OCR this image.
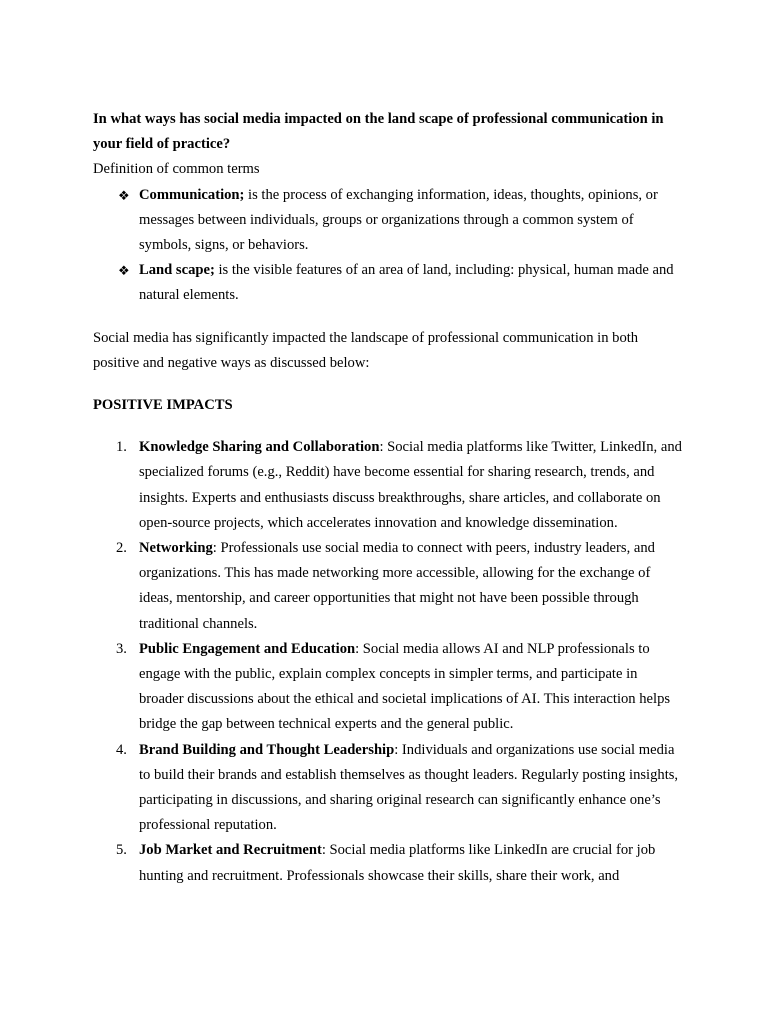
In what ways has social media impacted on the land scape of professional communication in your field of practice?

Definition of common terms

❖ Communication; is the process of exchanging information, ideas, thoughts, opinions, or messages between individuals, groups or organizations through a common system of symbols, signs, or behaviors.
❖ Land scape; is the visible features of an area of land, including: physical, human made and natural elements.

Social media has significantly impacted the landscape of professional communication in both positive and negative ways as discussed below:

POSITIVE IMPACTS

1. Knowledge Sharing and Collaboration: Social media platforms like Twitter, LinkedIn, and specialized forums (e.g., Reddit) have become essential for sharing research, trends, and insights. Experts and enthusiasts discuss breakthroughs, share articles, and collaborate on open-source projects, which accelerates innovation and knowledge dissemination.
2. Networking: Professionals use social media to connect with peers, industry leaders, and organizations. This has made networking more accessible, allowing for the exchange of ideas, mentorship, and career opportunities that might not have been possible through traditional channels.
3. Public Engagement and Education: Social media allows AI and NLP professionals to engage with the public, explain complex concepts in simpler terms, and participate in broader discussions about the ethical and societal implications of AI. This interaction helps bridge the gap between technical experts and the general public.
4. Brand Building and Thought Leadership: Individuals and organizations use social media to build their brands and establish themselves as thought leaders. Regularly posting insights, participating in discussions, and sharing original research can significantly enhance one’s professional reputation.
5. Job Market and Recruitment: Social media platforms like LinkedIn are crucial for job hunting and recruitment. Professionals showcase their skills, share their work, and
